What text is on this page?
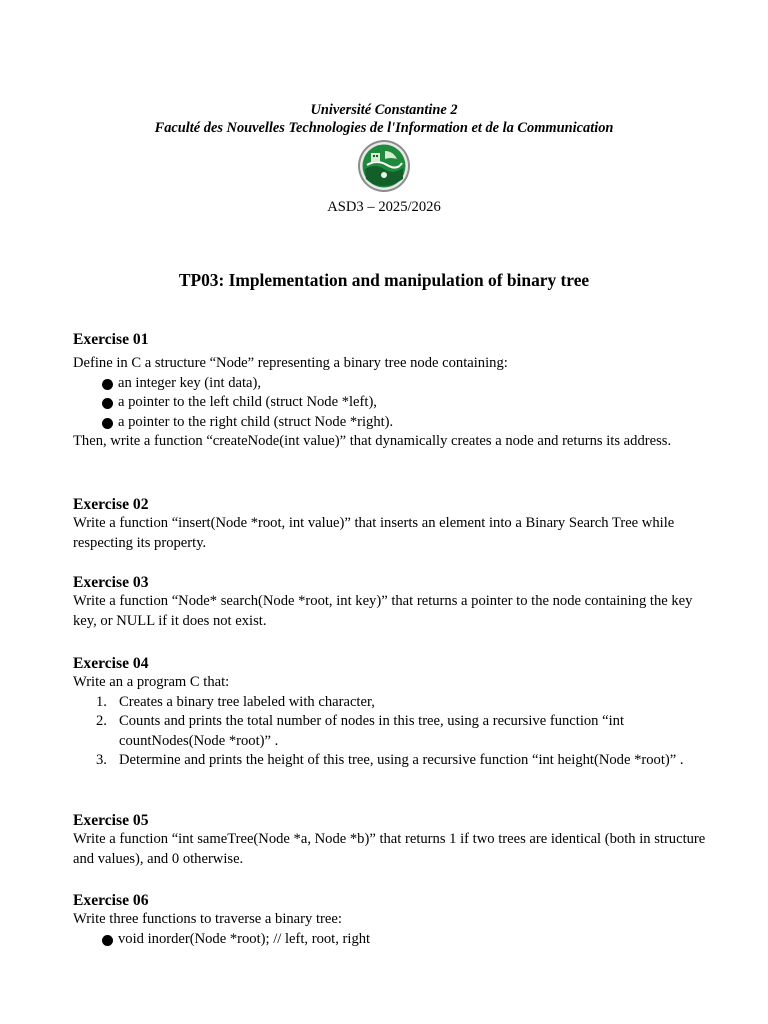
Université Constantine 2
Faculté des Nouvelles Technologies de l'Information et de la Communication
ASD3 – 2025/2026
TP03: Implementation and manipulation of binary tree
Exercise 01

Define in C a structure “Node” representing a binary tree node containing:

an integer key (int data),
a pointer to the left child (struct Node *left),
a pointer to the right child (struct Node *right).

Then, write a function “createNode(int value)” that dynamically creates a node and returns its address.

Exercise 02

Write a function “insert(Node *root, int value)” that inserts an element into a Binary Search Tree while respecting its property.

Exercise 03

Write a function “Node* search(Node *root, int key)” that returns a pointer to the node containing the key key, or NULL if it does not exist.

Exercise 04

Write an a program C that:

1. Creates a binary tree labeled with character,
2. Counts and prints the total number of nodes in this tree, using a recursive function “int countNodes(Node *root)” .
3. Determine and prints the height of this tree, using a recursive function “int height(Node *root)” .
Exercise 05

Write a function “int sameTree(Node *a, Node *b)” that returns 1 if two trees are identical (both in structure and values), and 0 otherwise.

Exercise 06

Write three functions to traverse a binary tree:

void inorder(Node *root); // left, root, right
